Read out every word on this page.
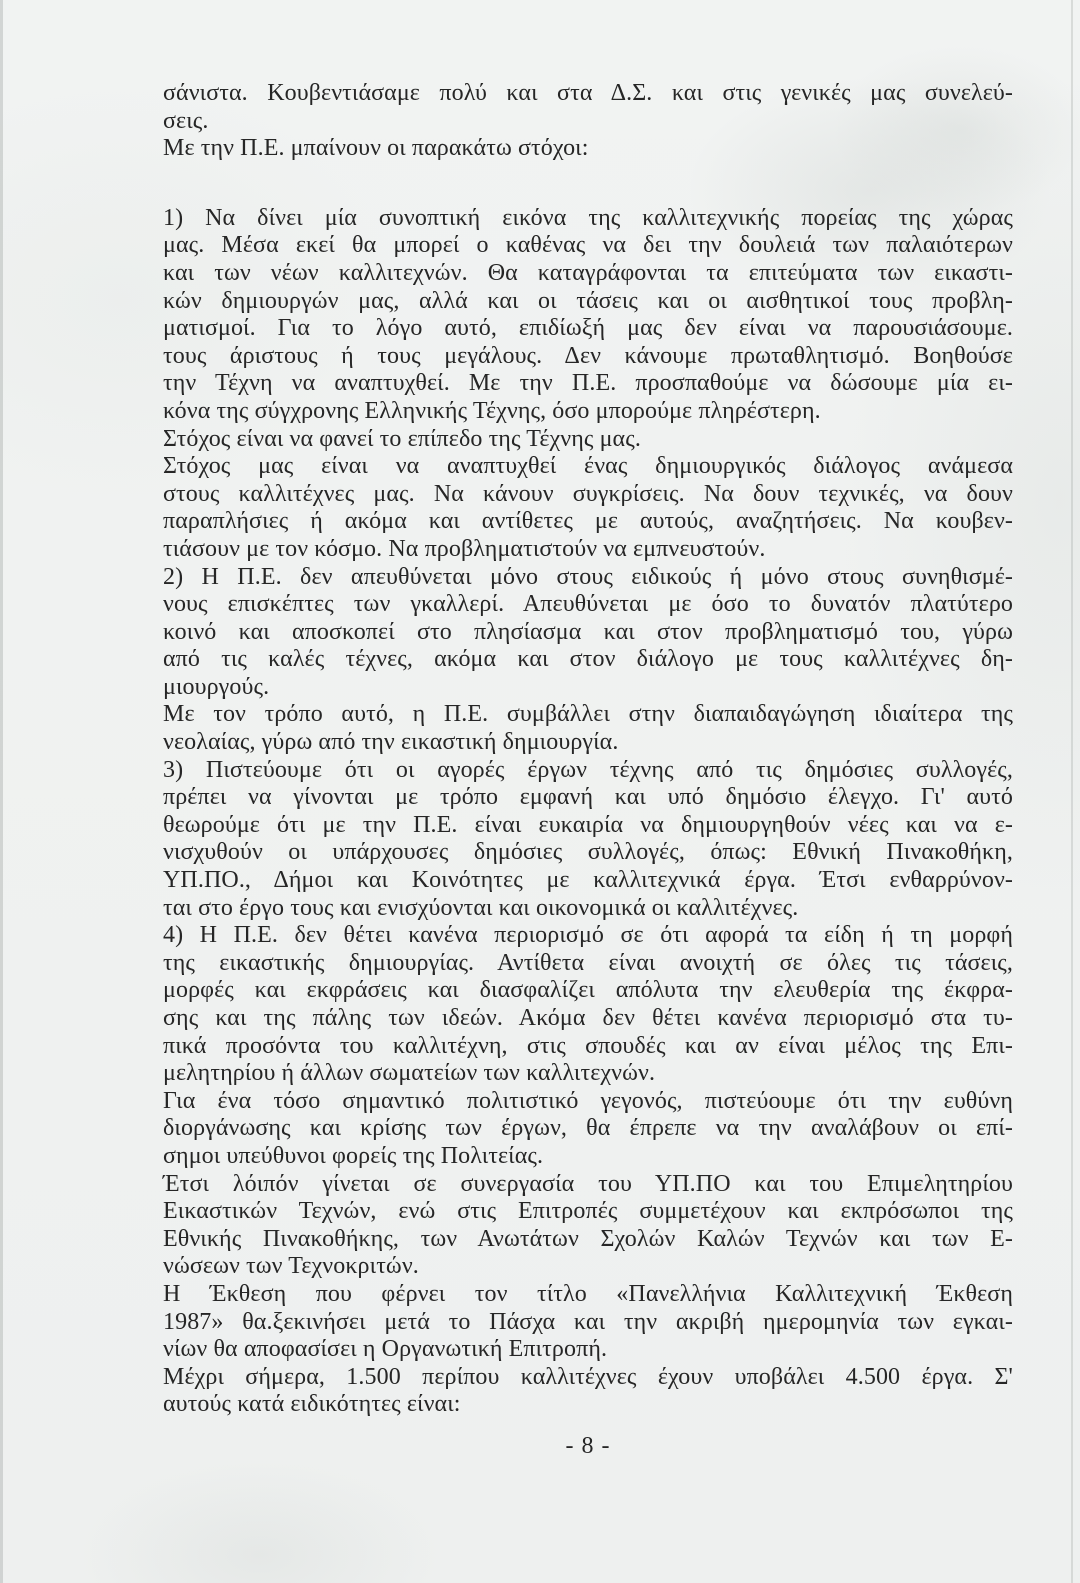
σάνιστα. Κουβεντιάσαμε πολύ και στα Δ.Σ. και στις γενικές μας συνελεύ-
σεις.
Με την Π.Ε. μπαίνουν οι παρακάτω στόχοι:
1) Να δίνει μία συνοπτική εικόνα της καλλιτεχνικής πορείας της χώρας
μας. Μέσα εκεί θα μπορεί ο καθένας να δει την δουλειά των παλαιότερων
και των νέων καλλιτεχνών. Θα καταγράφονται τα επιτεύματα των εικαστι-
κών δημιουργών μας, αλλά και οι τάσεις και οι αισθητικοί τους προβλη-
ματισμοί. Για το λόγο αυτό, επιδίωξή μας δεν είναι να παρουσιάσουμε.
τους άριστους ή τους μεγάλους. Δεν κάνουμε πρωταθλητισμό. Βοηθούσε
την Τέχνη να αναπτυχθεί. Με την Π.Ε. προσπαθούμε να δώσουμε μία ει-
κόνα της σύγχρονης Ελληνικής Τέχνης, όσο μπορούμε πληρέστερη.
Στόχος είναι να φανεί το επίπεδο της Τέχνης μας.
Στόχος μας είναι να αναπτυχθεί ένας δημιουργικός διάλογος ανάμεσα
στους καλλιτέχνες μας. Να κάνουν συγκρίσεις. Να δουν τεχνικές, να δουν
παραπλήσιες ή ακόμα και αντίθετες με αυτούς, αναζητήσεις. Να κουβεν-
τιάσουν με τον κόσμο. Να προβληματιστούν να εμπνευστούν.
2) Η Π.Ε. δεν απευθύνεται μόνο στους ειδικούς ή μόνο στους συνηθισμέ-
νους επισκέπτες των γκαλλερί. Απευθύνεται με όσο το δυνατόν πλατύτερο
κοινό και αποσκοπεί στο πλησίασμα και στον προβληματισμό του, γύρω
από τις καλές τέχνες, ακόμα και στον διάλογο με τους καλλιτέχνες δη-
μιουργούς.
Με τον τρόπο αυτό, η Π.Ε. συμβάλλει στην διαπαιδαγώγηση ιδιαίτερα της
νεολαίας, γύρω από την εικαστική δημιουργία.
3) Πιστεύουμε ότι οι αγορές έργων τέχνης από τις δημόσιες συλλογές,
πρέπει να γίνονται με τρόπο εμφανή και υπό δημόσιο έλεγχο. Γι' αυτό
θεωρούμε ότι με την Π.Ε. είναι ευκαιρία να δημιουργηθούν νέες και να ε-
νισχυθούν οι υπάρχουσες δημόσιες συλλογές, όπως: Εθνική Πινακοθήκη,
ΥΠ.ΠΟ., Δήμοι και Κοινότητες με καλλιτεχνικά έργα. Έτσι ενθαρρύνον-
ται στο έργο τους και ενισχύονται και οικονομικά οι καλλιτέχνες.
4) Η Π.Ε. δεν θέτει κανένα περιορισμό σε ότι αφορά τα είδη ή τη μορφή
της εικαστικής δημιουργίας. Αντίθετα είναι ανοιχτή σε όλες τις τάσεις,
μορφές και εκφράσεις και διασφαλίζει απόλυτα την ελευθερία της έκφρα-
σης και της πάλης των ιδεών. Ακόμα δεν θέτει κανένα περιορισμό στα τυ-
πικά προσόντα του καλλιτέχνη, στις σπουδές και αν είναι μέλος της Επι-
μελητηρίου ή άλλων σωματείων των καλλιτεχνών.
Για ένα τόσο σημαντικό πολιτιστικό γεγονός, πιστεύουμε ότι την ευθύνη
διοργάνωσης και κρίσης των έργων, θα έπρεπε να την αναλάβουν οι επί-
σημοι υπεύθυνοι φορείς της Πολιτείας.
Έτσι λόιπόν γίνεται σε συνεργασία του ΥΠ.ΠΟ και του Επιμελητηρίου
Εικαστικών Τεχνών, ενώ στις Επιτροπές συμμετέχουν και εκπρόσωποι της
Εθνικής Πινακοθήκης, των Ανωτάτων Σχολών Καλών Τεχνών και των Ε-
νώσεων των Τεχνοκριτών.
Η Έκθεση που φέρνει τον τίτλο «Πανελλήνια Καλλιτεχνική Έκθεση
1987» θα.ξεκινήσει μετά το Πάσχα και την ακριβή ημερομηνία των εγκαι-
νίων θα αποφασίσει η Οργανωτική Επιτροπή.
Μέχρι σήμερα, 1.500 περίπου καλλιτέχνες έχουν υποβάλει 4.500 έργα. Σ'
αυτούς κατά ειδικότητες είναι:
- 8 -
